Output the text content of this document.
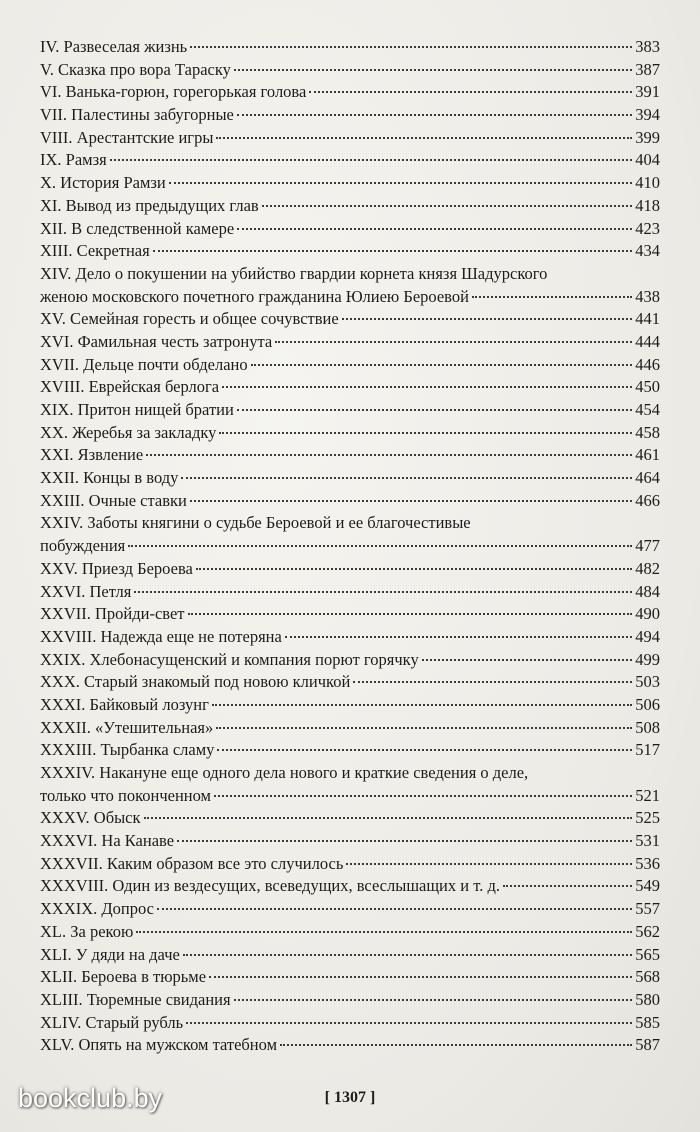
IV. Развеселая жизнь	383
V. Сказка про вора Тараску	387
VI. Ванька-горюн, горегорькая голова	391
VII. Палестины забугорные	394
VIII. Арестантские игры	399
IX. Рамзя	404
X. История Рамзи	410
XI. Вывод из предыдущих глав	418
XII. В следственной камере	423
XIII. Секретная	434
XIV. Дело о покушении на убийство гвардии корнета князя Шадурского
женою московского почетного гражданина Юлиею Бероевой	438
XV. Семейная горесть и общее сочувствие	441
XVI. Фамильная честь затронута	444
XVII. Дельце почти обделано	446
XVIII. Еврейская берлога	450
XIX. Притон нищей братии	454
XX. Жеребья за закладку	458
XXI. Язвление	461
XXII. Концы в воду	464
XXIII. Очные ставки	466
XXIV. Заботы княгини о судьбе Бероевой и ее благочестивые
побуждения	477
XXV. Приезд Бероева	482
XXVI. Петля	484
XXVII. Пройди-свет	490
XXVIII. Надежда еще не потеряна	494
XXIX. Хлебонасущенский и компания порют горячку	499
XXX. Старый знакомый под новою кличкой	503
XXXI. Байковый лозунг	506
XXXII. «Утешительная»	508
XXXIII. Тырбанка сламу	517
XXXIV. Накануне еще одного дела нового и краткие сведения о деле,
только что поконченном	521
XXXV. Обыск	525
XXXVI. На Канаве	531
XXXVII. Каким образом все это случилось	536
XXXVIII. Один из вездесущих, всеведущих, всеслышащих и т. д.	549
XXXIX. Допрос	557
XL. За рекою	562
XLI. У дяди на даче	565
XLII. Бероева в тюрьме	568
XLIII. Тюремные свидания	580
XLIV. Старый рубль	585
XLV. Опять на мужском татебном	587
[ 1307 ]
bookclub.by
